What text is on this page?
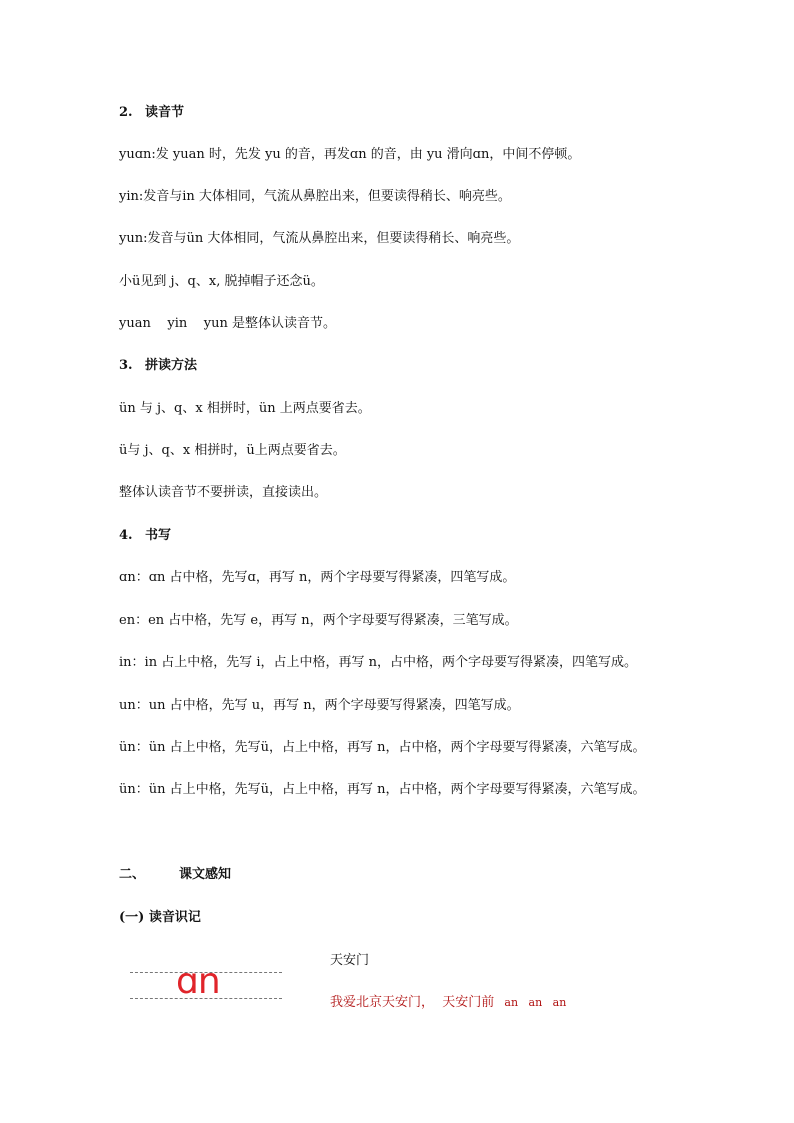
2. 读音节
yuɑn:发 yuan 时，先发 yu 的音，再发ɑn 的音，由 yu 滑向ɑn，中间不停顿。
yin:发音与in 大体相同，气流从鼻腔出来，但要读得稍长、响亮些。
yun:发音与ün 大体相同，气流从鼻腔出来，但要读得稍长、响亮些。
小ü见到 j、q、x, 脱掉帽子还念ü。
yuan    yin    yun 是整体认读音节。
3. 拼读方法
ün 与 j、q、x 相拼时，ün 上两点要省去。
ü与 j、q、x 相拼时，ü上两点要省去。
整体认读音节不要拼读，直接读出。
4. 书写
ɑn：ɑn 占中格，先写ɑ，再写 n，两个字母要写得紧凑，四笔写成。
en：en 占中格，先写 e，再写 n，两个字母要写得紧凑，三笔写成。
in：in 占上中格，先写 i，占上中格，再写 n，占中格，两个字母要写得紧凑，四笔写成。
un：un 占中格，先写 u，再写 n，两个字母要写得紧凑，四笔写成。
ün：ün 占上中格，先写ü，占上中格，再写 n，占中格，两个字母要写得紧凑，六笔写成。
ün：ün 占上中格，先写ü，占上中格，再写 n，占中格，两个字母要写得紧凑，六笔写成。
二、	课文感知
(一) 读音识记
ɑn
天安门
我爱北京天安门，  天安门前 an   an   an
